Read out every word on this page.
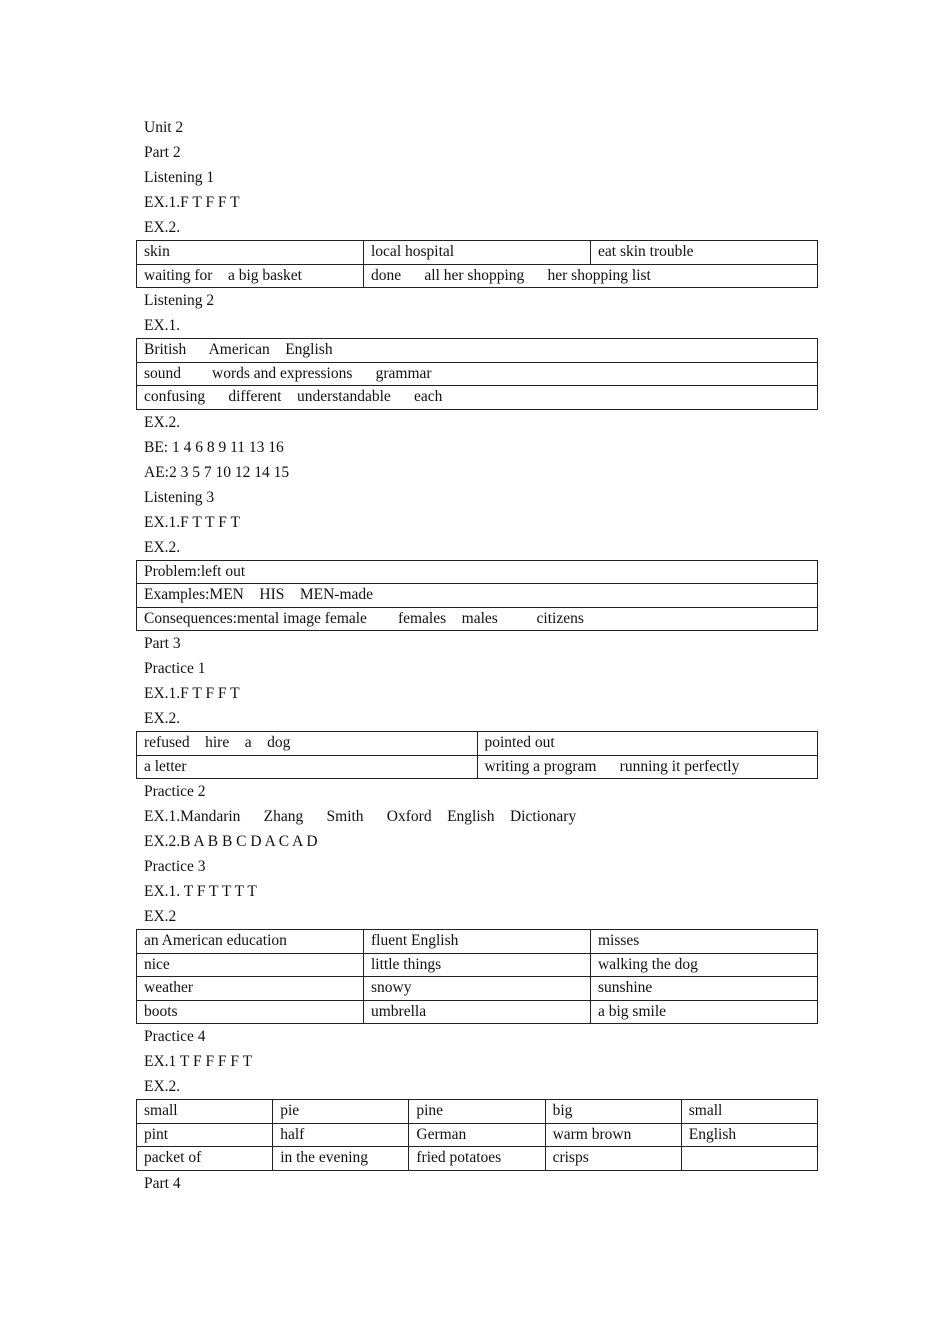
Unit 2
Part 2
Listening 1
EX.1.F T F F T
EX.2.
skin	local hospital	eat skin trouble
waiting for    a big basket	done      all her shopping      her shopping list	
Listening 2
EX.1.
British      American    English
sound        words and expressions      grammar
confusing      different    understandable      each
EX.2.
BE: 1 4 6 8 9 11 13 16
AE:2 3 5 7 10 12 14 15
Listening 3
EX.1.F T T F T
EX.2.
Problem:left out
Examples:MEN    HIS    MEN-made
Consequences:mental image female        females    males          citizens
Part 3
Practice 1
EX.1.F T F F T
EX.2.
refused    hire    a    dog	pointed out
a letter	writing a program      running it perfectly
Practice 2
EX.1.Mandarin      Zhang      Smith      Oxford    English    Dictionary
EX.2.B A B B C D A C A D
Practice 3
EX.1. T F T T T T
EX.2
an American education	fluent English	misses
nice	little things	walking the dog
weather	snowy	sunshine
boots	umbrella	a big smile
Practice 4
EX.1 T F F F F T
EX.2.
small	pie	pine	big	small
pint	half	German	warm brown	English
packet of	in the evening	fried potatoes	crisps	
Part 4
